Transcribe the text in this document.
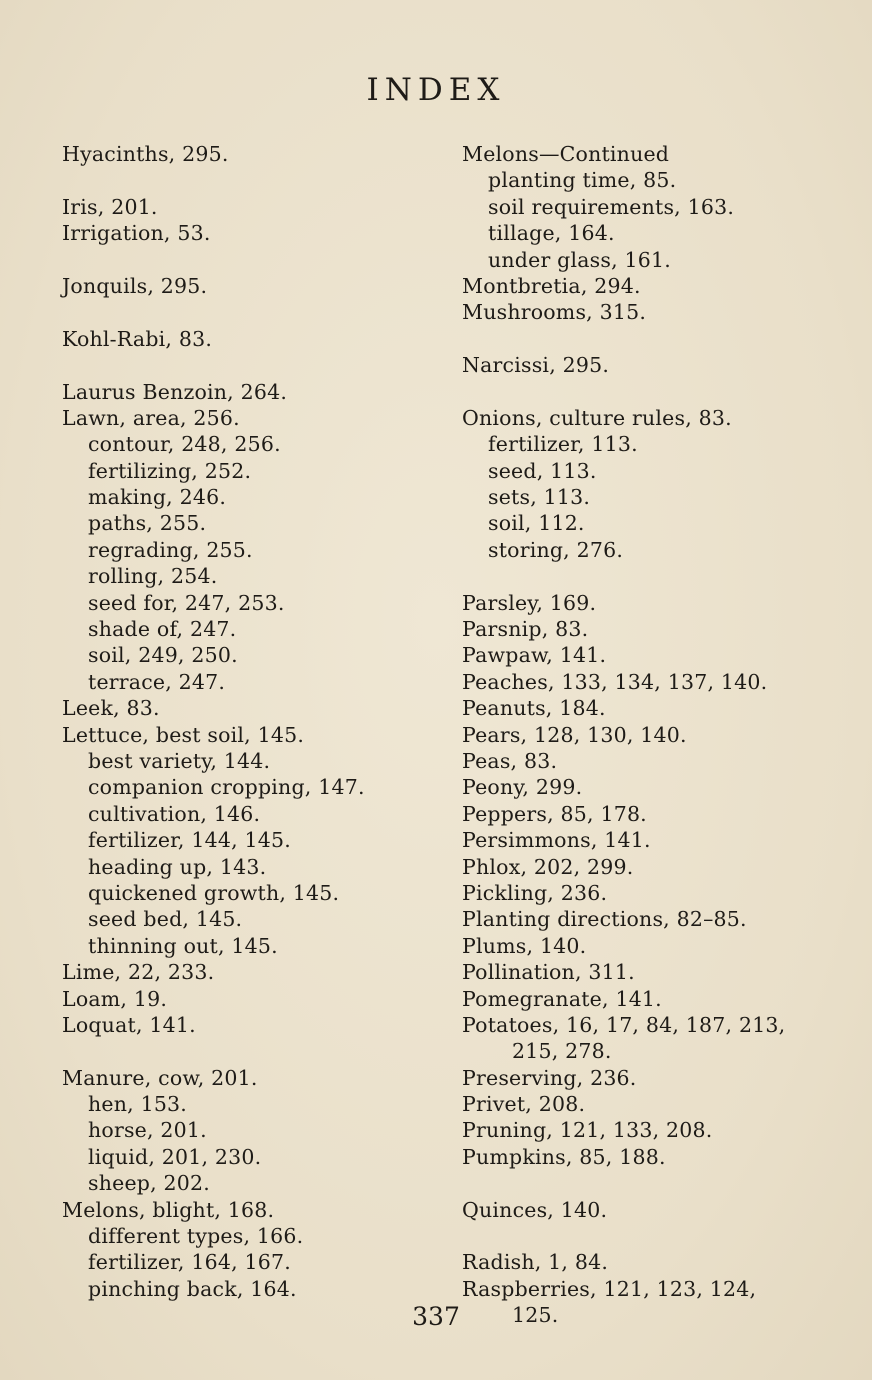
INDEX
Hyacinths, 295.
Iris, 201.
Irrigation, 53.
Jonquils, 295.
Kohl-Rabi, 83.
Laurus Benzoin, 264.
Lawn, area, 256.
contour, 248, 256.
fertilizing, 252.
making, 246.
paths, 255.
regrading, 255.
rolling, 254.
seed for, 247, 253.
shade of, 247.
soil, 249, 250.
terrace, 247.
Leek, 83.
Lettuce, best soil, 145.
best variety, 144.
companion cropping, 147.
cultivation, 146.
fertilizer, 144, 145.
heading up, 143.
quickened growth, 145.
seed bed, 145.
thinning out, 145.
Lime, 22, 233.
Loam, 19.
Loquat, 141.
Manure, cow, 201.
hen, 153.
horse, 201.
liquid, 201, 230.
sheep, 202.
Melons, blight, 168.
different types, 166.
fertilizer, 164, 167.
pinching back, 164.
Melons—Continued
planting time, 85.
soil requirements, 163.
tillage, 164.
under glass, 161.
Montbretia, 294.
Mushrooms, 315.
Narcissi, 295.
Onions, culture rules, 83.
fertilizer, 113.
seed, 113.
sets, 113.
soil, 112.
storing, 276.
Parsley, 169.
Parsnip, 83.
Pawpaw, 141.
Peaches, 133, 134, 137, 140.
Peanuts, 184.
Pears, 128, 130, 140.
Peas, 83.
Peony, 299.
Peppers, 85, 178.
Persimmons, 141.
Phlox, 202, 299.
Pickling, 236.
Planting directions, 82–85.
Plums, 140.
Pollination, 311.
Pomegranate, 141.
Potatoes, 16, 17, 84, 187, 213,
215, 278.
Preserving, 236.
Privet, 208.
Pruning, 121, 133, 208.
Pumpkins, 85, 188.
Quinces, 140.
Radish, 1, 84.
Raspberries, 121, 123, 124,
125.
337
